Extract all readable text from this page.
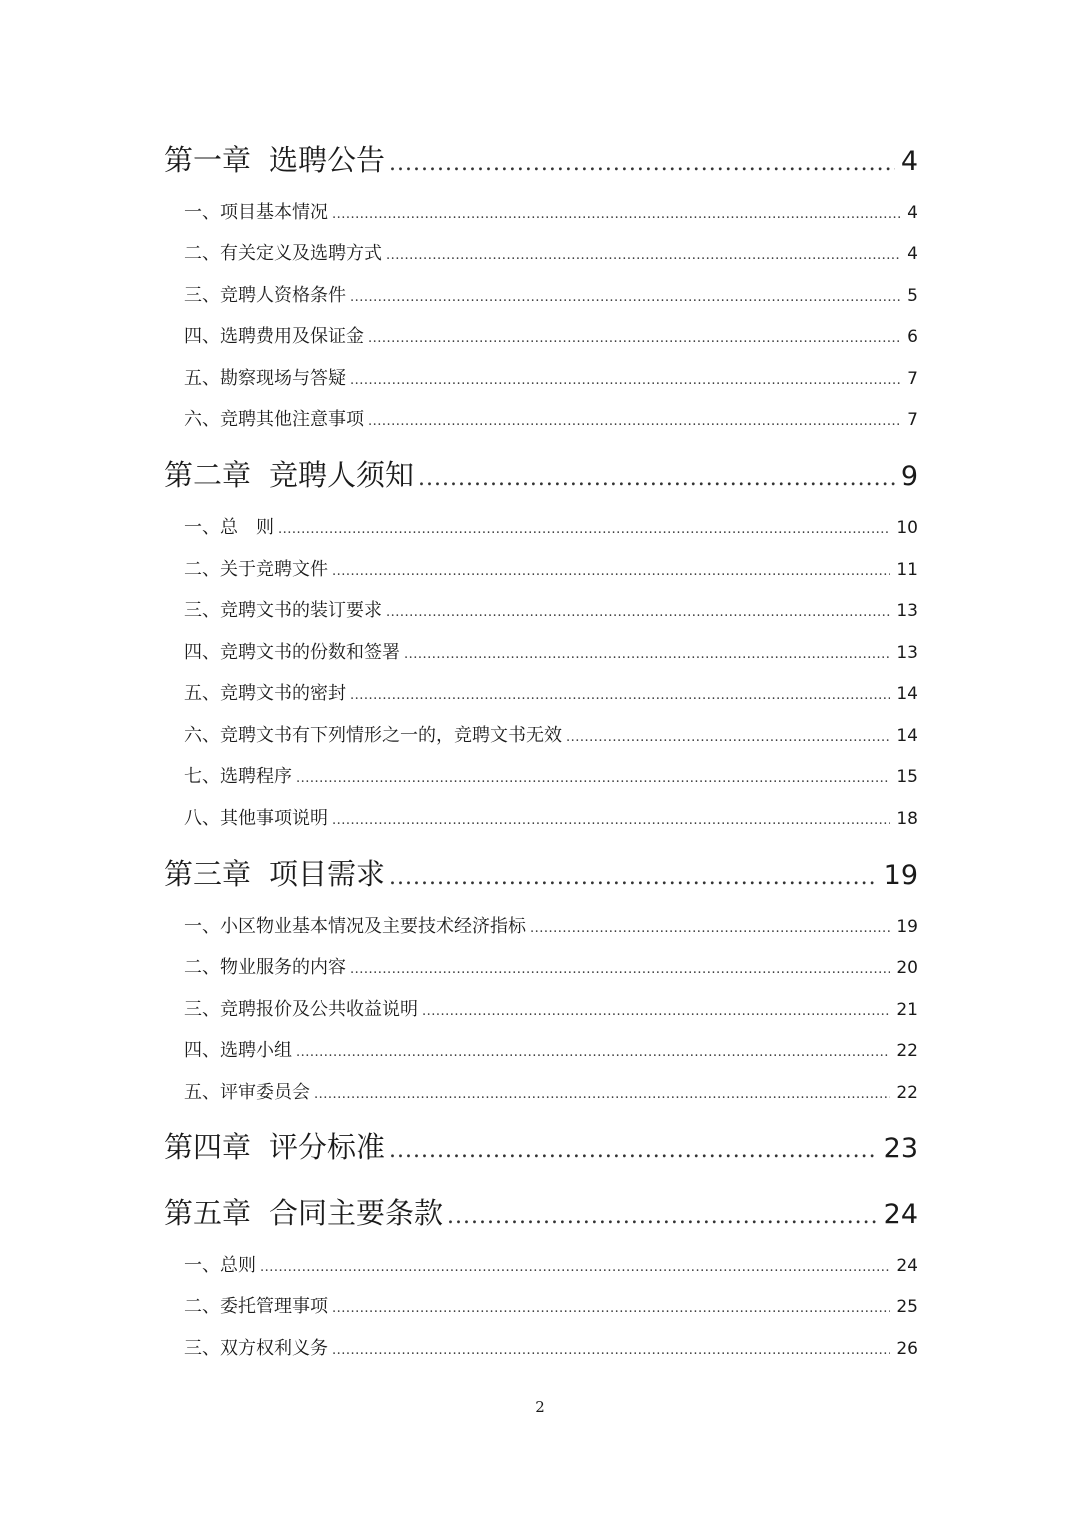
第一章 选聘公告 .....	4
一、项目基本情况 .....	4
二、有关定义及选聘方式 .....	4
三、竞聘人资格条件 .....	5
四、选聘费用及保证金 .....	6
五、勘察现场与答疑 .....	7
六、竞聘其他注意事项 .....	7
第二章 竞聘人须知 .....	9
一、总　则 .....	10
二、关于竞聘文件 .....	11
三、竞聘文书的装订要求 .....	13
四、竞聘文书的份数和签署 .....	13
五、竞聘文书的密封 .....	14
六、竞聘文书有下列情形之一的，竞聘文书无效 .....	14
七、选聘程序 .....	15
八、其他事项说明 .....	18
第三章 项目需求 .....	19
一、小区物业基本情况及主要技术经济指标 .....	19
二、物业服务的内容 .....	20
三、竞聘报价及公共收益说明 .....	21
四、选聘小组 .....	22
五、评审委员会 .....	22
第四章 评分标准 .....	23
第五章 合同主要条款 .....	24
一、总则 .....	24
二、委托管理事项 .....	25
三、双方权利义务 .....	26
2
